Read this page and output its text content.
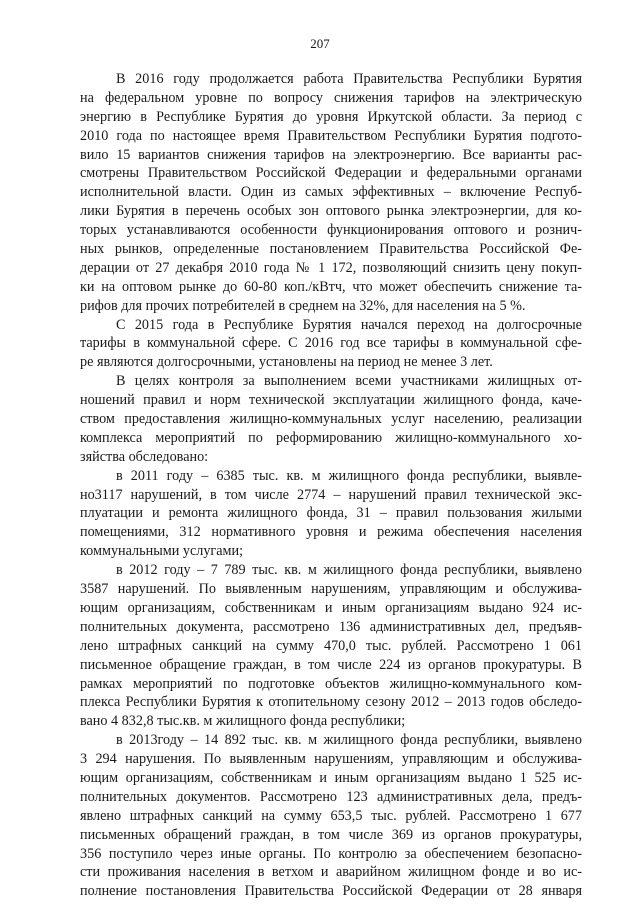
207
В 2016 году продолжается работа Правительства Республики Бурятия
на федеральном уровне по вопросу снижения тарифов на электрическую
энергию в Республике Бурятия до уровня Иркутской области. За период с
2010 года по настоящее время Правительством Республики Бурятия подгото-
вило 15 вариантов снижения тарифов на электроэнергию. Все варианты рас-
смотрены Правительством Российской Федерации и федеральными органами
исполнительной власти. Один из самых эффективных – включение Респуб-
лики Бурятия в перечень особых зон оптового рынка электроэнергии, для ко-
торых устанавливаются особенности функционирования оптового и рознич-
ных рынков, определенные постановлением Правительства Российской Фе-
дерации от 27 декабря 2010 года № 1 172, позволяющий снизить цену покуп-
ки на оптовом рынке до 60-80 коп./кВтч, что может обеспечить снижение та-
рифов для прочих потребителей в среднем на 32%, для населения на 5 %.
С 2015 года в Республике Бурятия начался переход на долгосрочные
тарифы в коммунальной сфере. С 2016 год все тарифы в коммунальной сфе-
ре являются долгосрочными, установлены на период не менее 3 лет.
В целях контроля за выполнением всеми участниками жилищных от-
ношений правил и норм технической эксплуатации жилищного фонда, каче-
ством предоставления жилищно-коммунальных услуг населению, реализации
комплекса мероприятий по реформированию жилищно-коммунального хо-
зяйства обследовано:
в 2011 году – 6385 тыс. кв. м жилищного фонда республики, выявле-
но3117 нарушений, в том числе 2774 – нарушений правил технической экс-
плуатации и ремонта жилищного фонда, 31 – правил пользования жилыми
помещениями, 312 нормативного уровня и режима обеспечения населения
коммунальными услугами;
в 2012 году – 7 789 тыс. кв. м жилищного фонда республики, выявлено
3587 нарушений. По выявленным нарушениям, управляющим и обслужива-
ющим организациям, собственникам и иным организациям выдано 924 ис-
полнительных документа, рассмотрено 136 административных дел, предъяв-
лено штрафных санкций на сумму 470,0 тыс. рублей. Рассмотрено 1 061
письменное обращение граждан, в том числе 224 из органов прокуратуры. В
рамках мероприятий по подготовке объектов жилищно-коммунального ком-
плекса Республики Бурятия к отопительному сезону 2012 – 2013 годов обследо-
вано 4 832,8 тыс.кв. м жилищного фонда республики;
в 2013году – 14 892 тыс. кв. м жилищного фонда республики, выявлено
3 294 нарушения. По выявленным нарушениям, управляющим и обслужива-
ющим организациям, собственникам и иным организациям выдано 1 525 ис-
полнительных документов. Рассмотрено 123 административных дела, предъ-
явлено штрафных санкций на сумму 653,5 тыс. рублей. Рассмотрено 1 677
письменных обращений граждан, в том числе 369 из органов прокуратуры,
356 поступило через иные органы. По контролю за обеспечением безопасно-
сти проживания населения в ветхом и аварийном жилищном фонде и во ис-
полнение постановления Правительства Российской Федерации от 28 января
